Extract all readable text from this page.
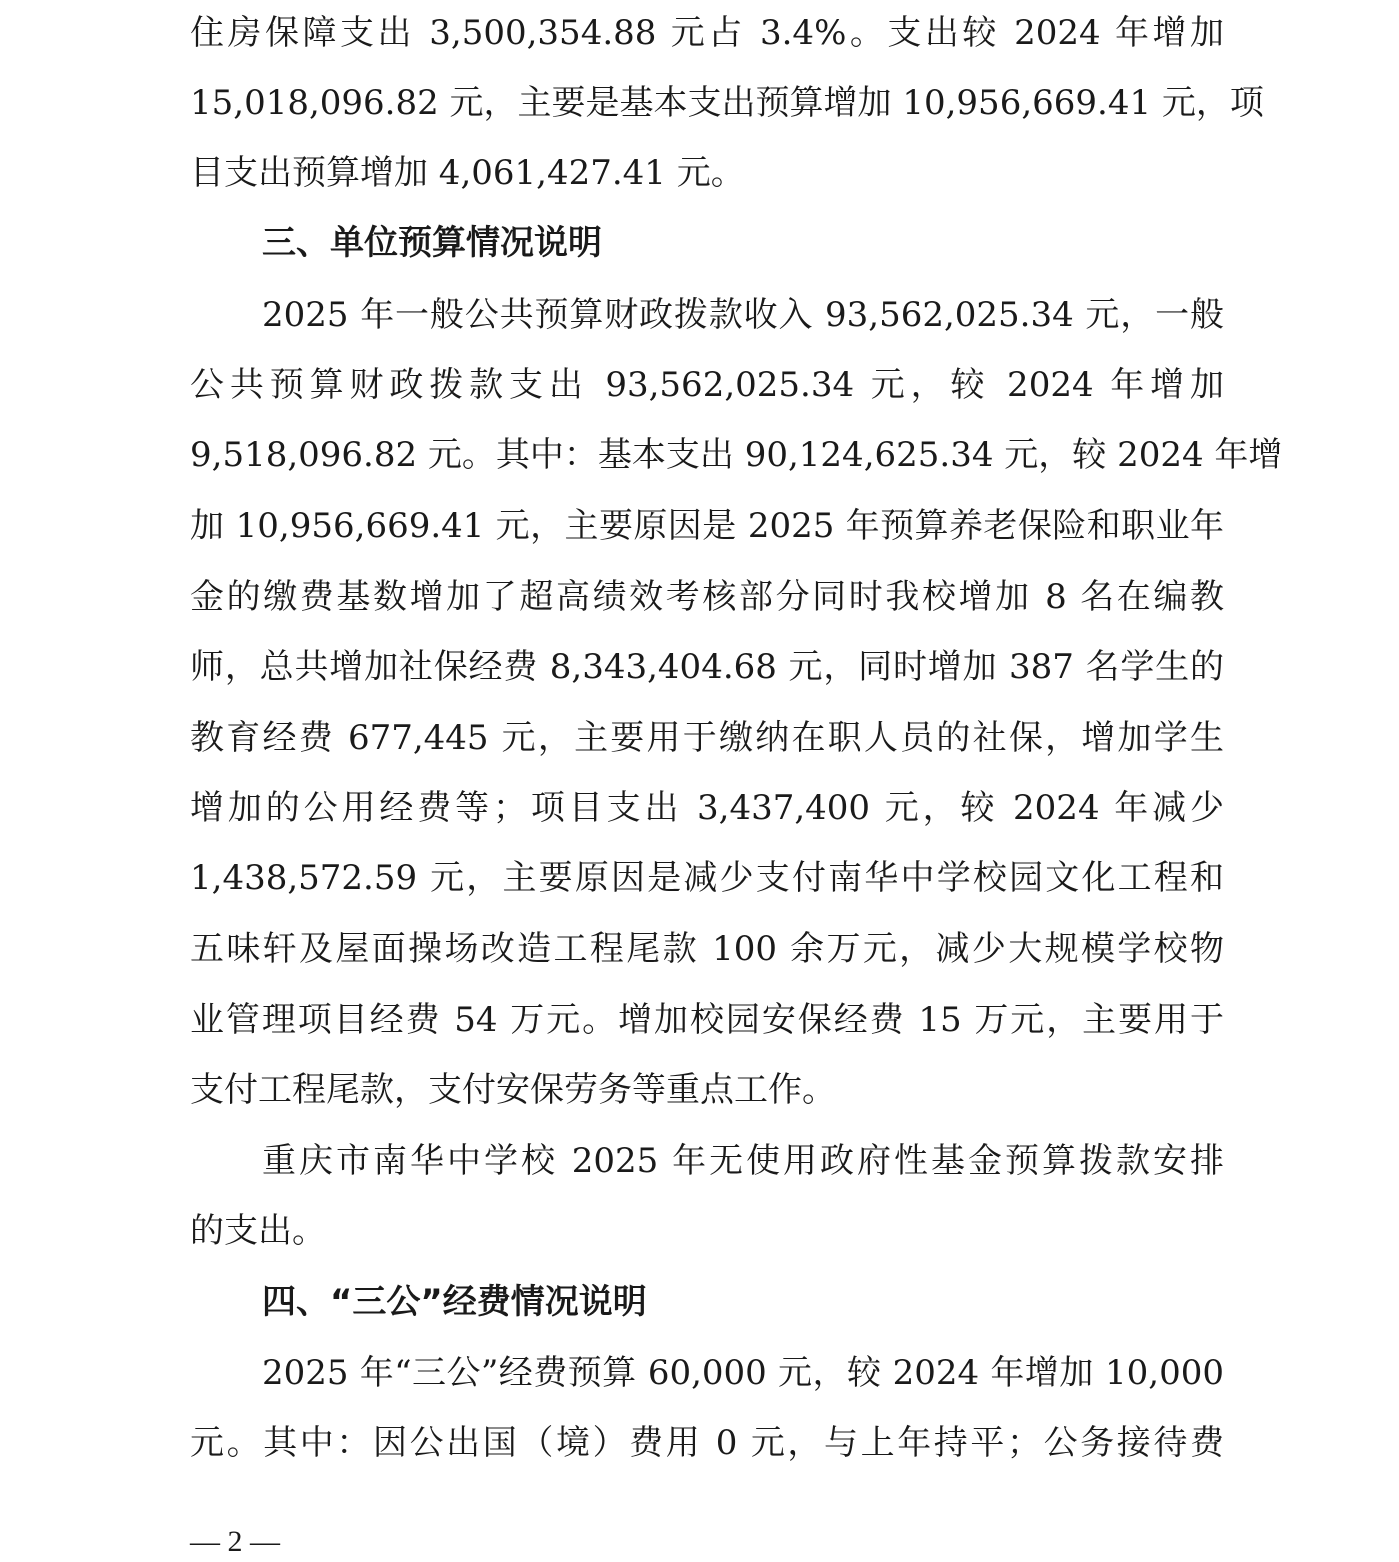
住房保障支出 3,500,354.88 元占 3.4%。支出较 2024 年增加
15,018,096.82 元，主要是基本支出预算增加 10,956,669.41 元，项
目支出预算增加 4,061,427.41 元。
三、单位预算情况说明
2025 年一般公共预算财政拨款收入 93,562,025.34 元，一般
公共预算财政拨款支出 93,562,025.34 元，较 2024 年增加
9,518,096.82 元。其中：基本支出 90,124,625.34 元，较 2024 年增
加 10,956,669.41 元，主要原因是 2025 年预算养老保险和职业年
金的缴费基数增加了超高绩效考核部分同时我校增加 8 名在编教
师，总共增加社保经费 8,343,404.68 元，同时增加 387 名学生的
教育经费 677,445 元，主要用于缴纳在职人员的社保，增加学生
增加的公用经费等；项目支出 3,437,400 元，较 2024 年减少
1,438,572.59 元，主要原因是减少支付南华中学校园文化工程和
五味轩及屋面操场改造工程尾款 100 余万元，减少大规模学校物
业管理项目经费 54 万元。增加校园安保经费 15 万元，主要用于
支付工程尾款，支付安保劳务等重点工作。
重庆市南华中学校 2025 年无使用政府性基金预算拨款安排
的支出。
四、“三公”经费情况说明
2025 年“三公”经费预算 60,000 元，较 2024 年增加 10,000
元。其中：因公出国（境）费用 0 元，与上年持平；公务接待费
— 2 —
